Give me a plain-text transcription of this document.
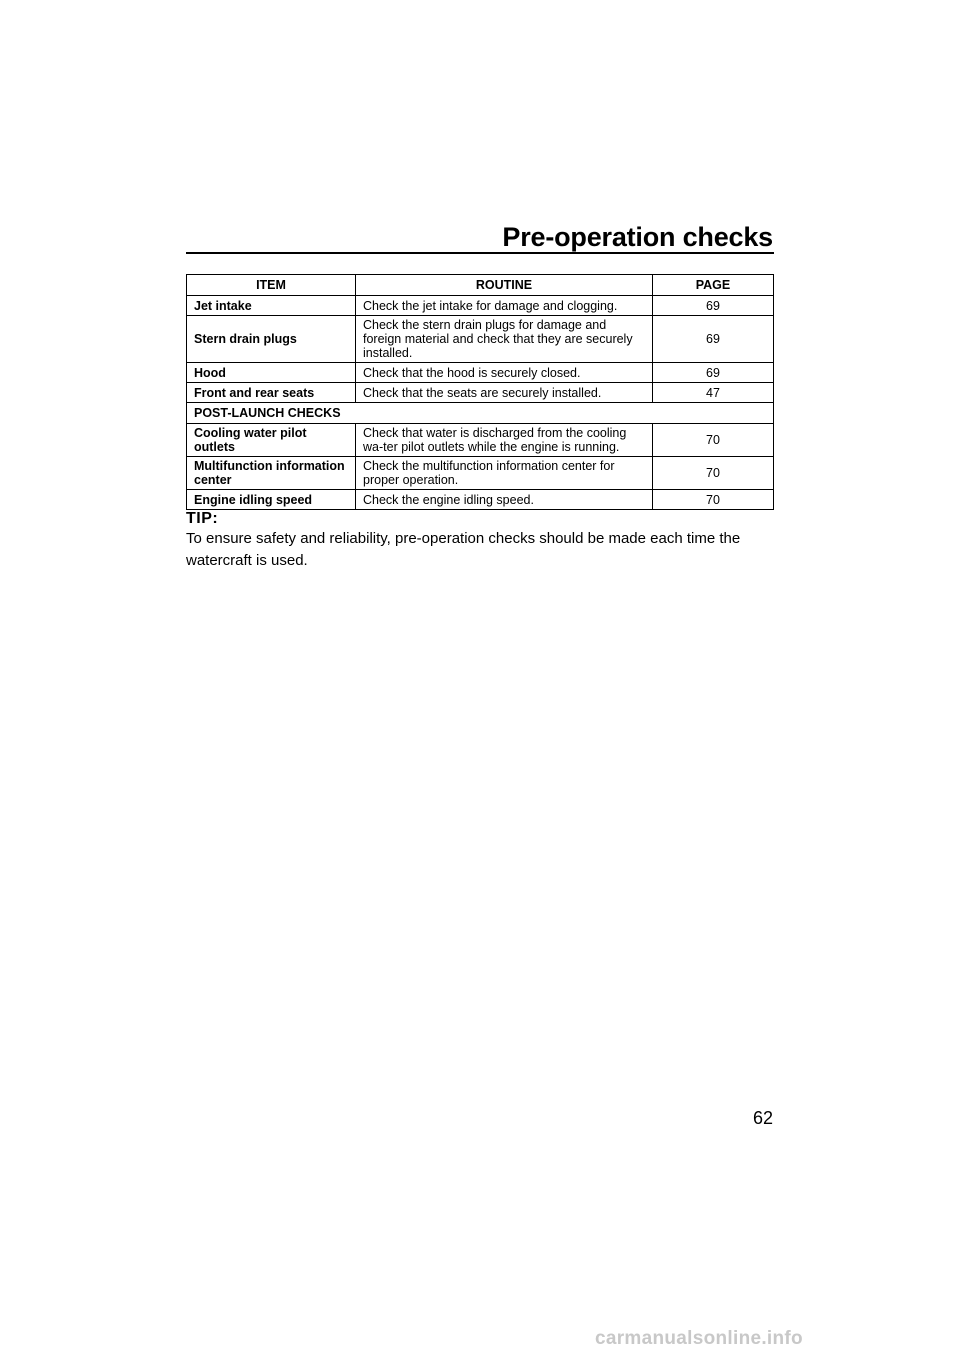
Pre-operation checks
ITEM	ROUTINE	PAGE
Jet intake	Check the jet intake for damage and clogging.	69
Stern drain plugs	Check the stern drain plugs for damage and foreign material and check that they are securely installed.	69
Hood	Check that the hood is securely closed.	69
Front and rear seats	Check that the seats are securely installed.	47
POST-LAUNCH CHECKS		
Cooling water pilot outlets	Check that water is discharged from the cooling wa-ter pilot outlets while the engine is running.	70
Multifunction information center	Check the multifunction information center for proper operation.	70
Engine idling speed	Check the engine idling speed.	70
TIP:
To ensure safety and reliability, pre-operation checks should be made each time the watercraft is used.
62
carmanualsonline.info
